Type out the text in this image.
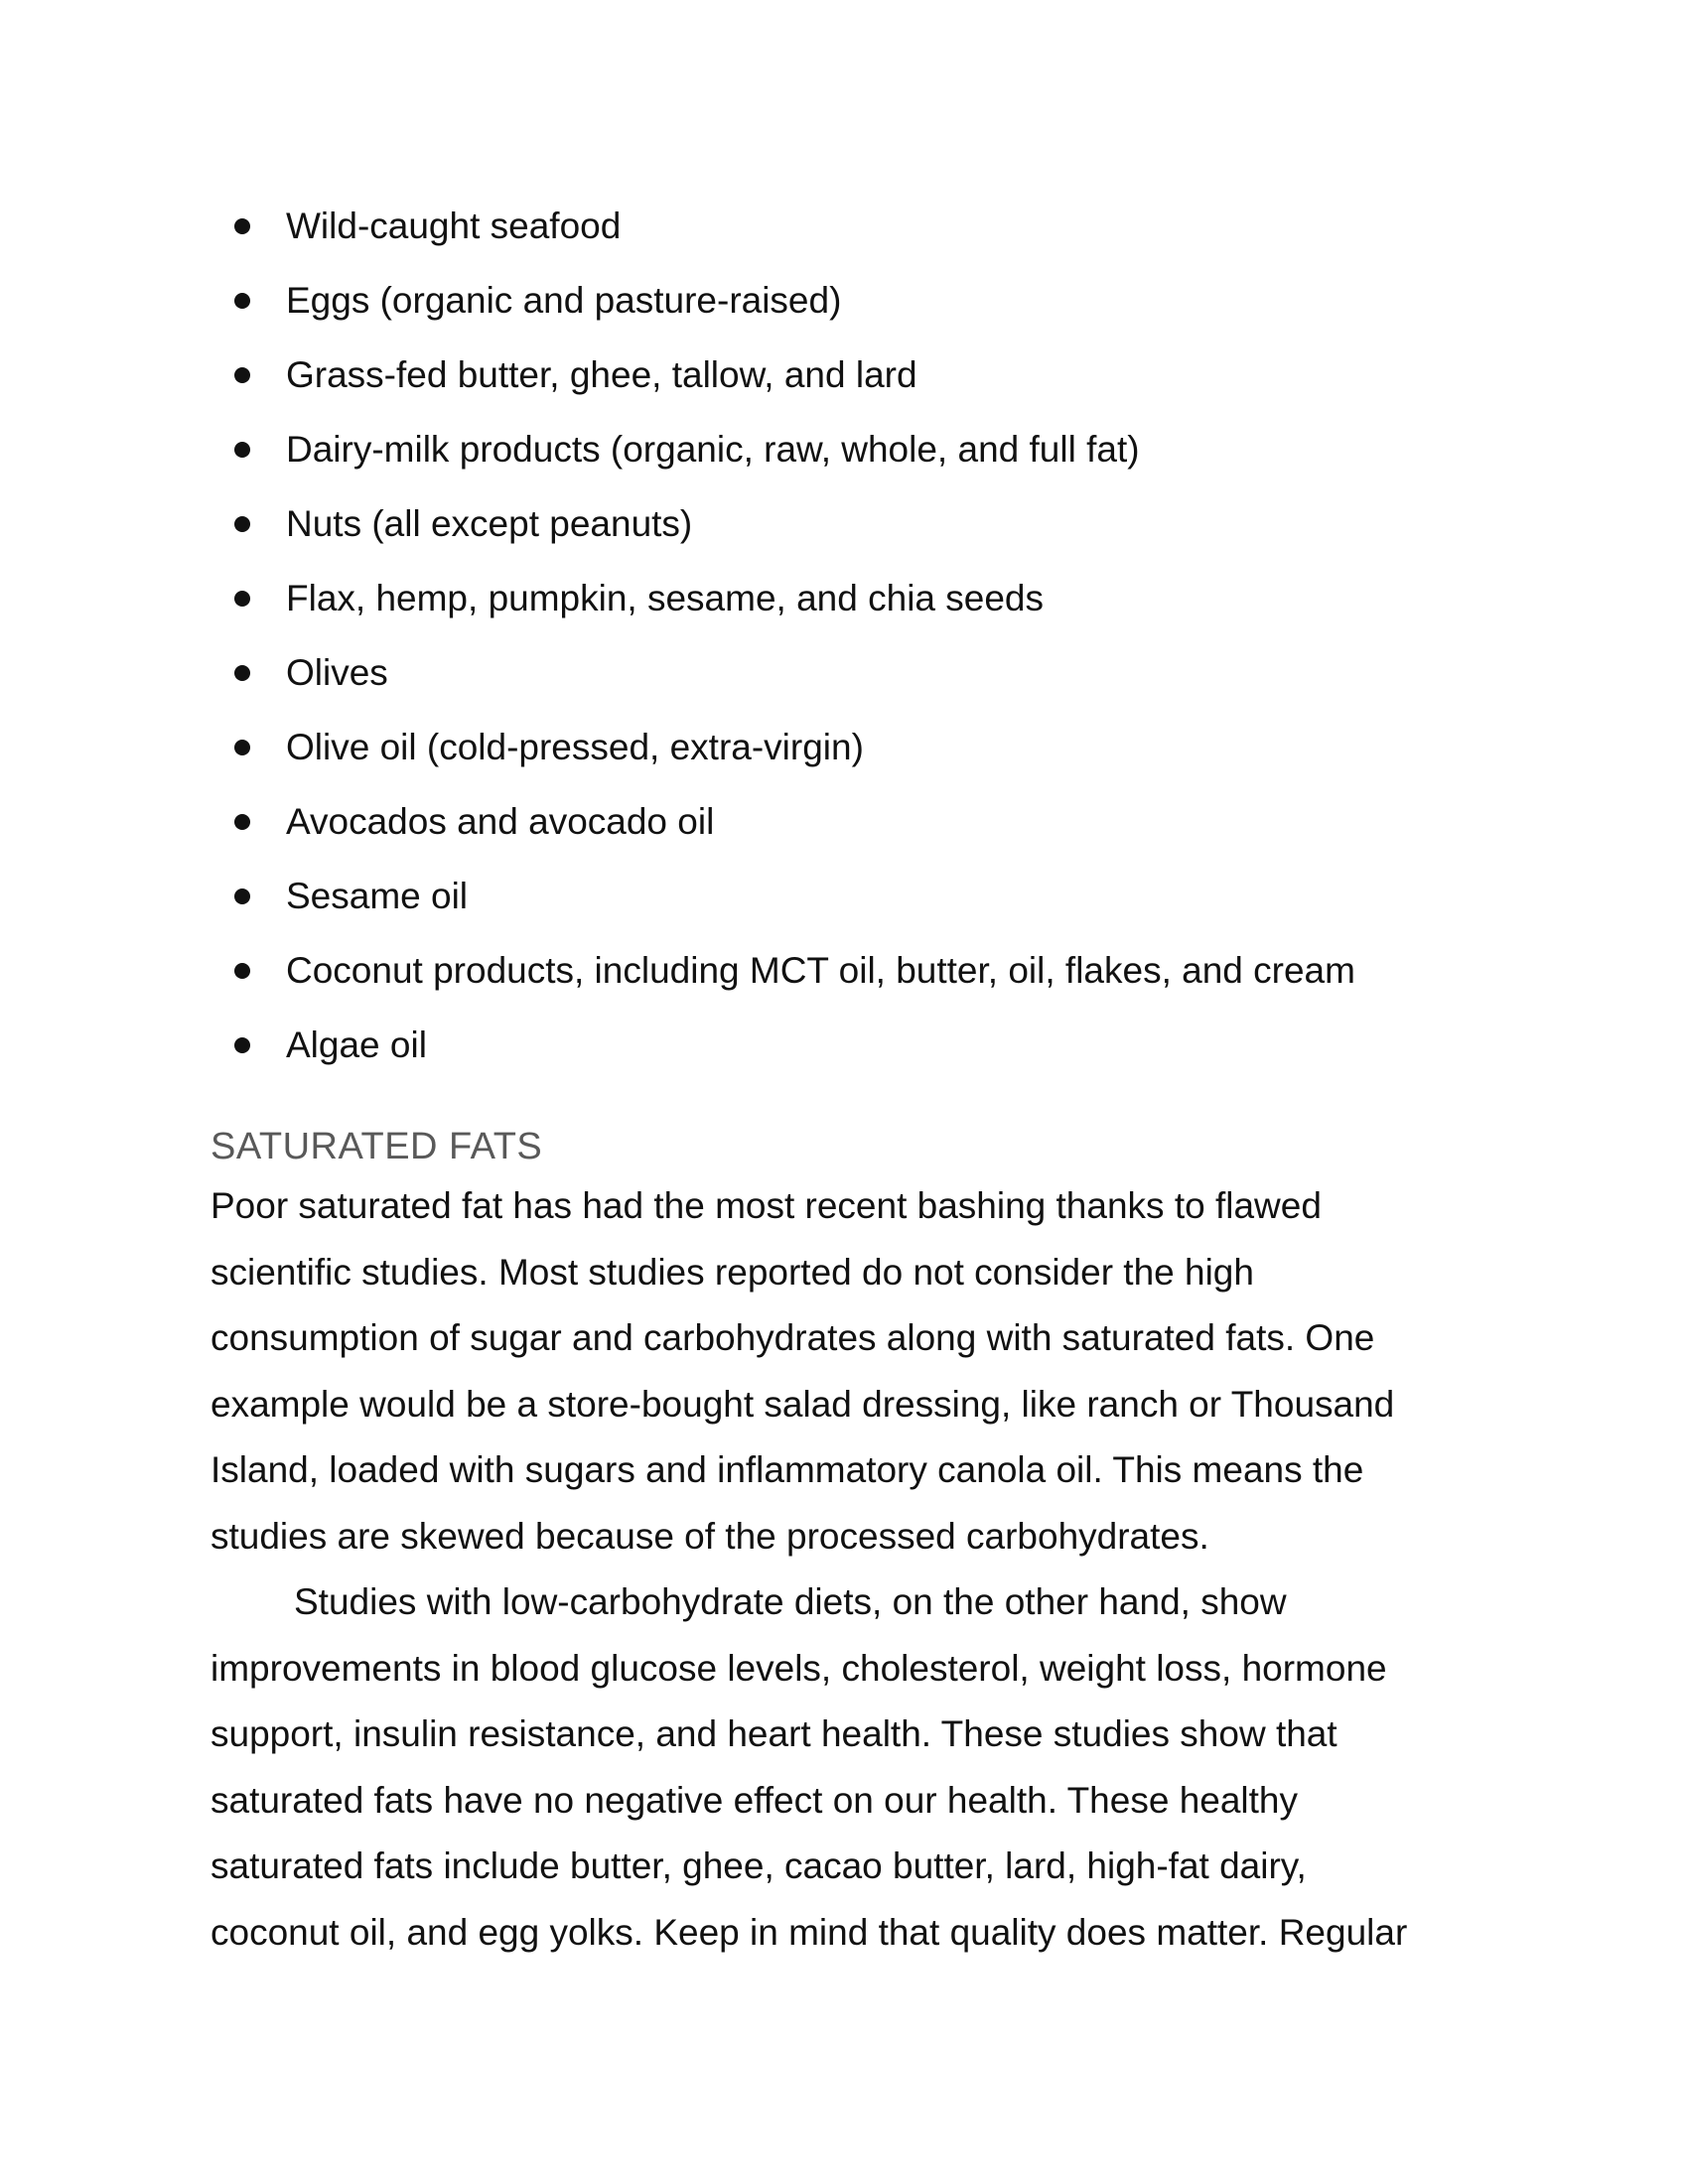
Wild-caught seafood
Eggs (organic and pasture-raised)
Grass-fed butter, ghee, tallow, and lard
Dairy-milk products (organic, raw, whole, and full fat)
Nuts (all except peanuts)
Flax, hemp, pumpkin, sesame, and chia seeds
Olives
Olive oil (cold-pressed, extra-virgin)
Avocados and avocado oil
Sesame oil
Coconut products, including MCT oil, butter, oil, flakes, and cream
Algae oil
SATURATED FATS

Poor saturated fat has had the most recent bashing thanks to flawed
scientific studies. Most studies reported do not consider the high
consumption of sugar and carbohydrates along with saturated fats. One
example would be a store-bought salad dressing, like ranch or Thousand
Island, loaded with sugars and inflammatory canola oil. This means the
studies are skewed because of the processed carbohydrates.

Studies with low-carbohydrate diets, on the other hand, show
improvements in blood glucose levels, cholesterol, weight loss, hormone
support, insulin resistance, and heart health. These studies show that
saturated fats have no negative effect on our health. These healthy
saturated fats include butter, ghee, cacao butter, lard, high-fat dairy,
coconut oil, and egg yolks. Keep in mind that quality does matter. Regular
